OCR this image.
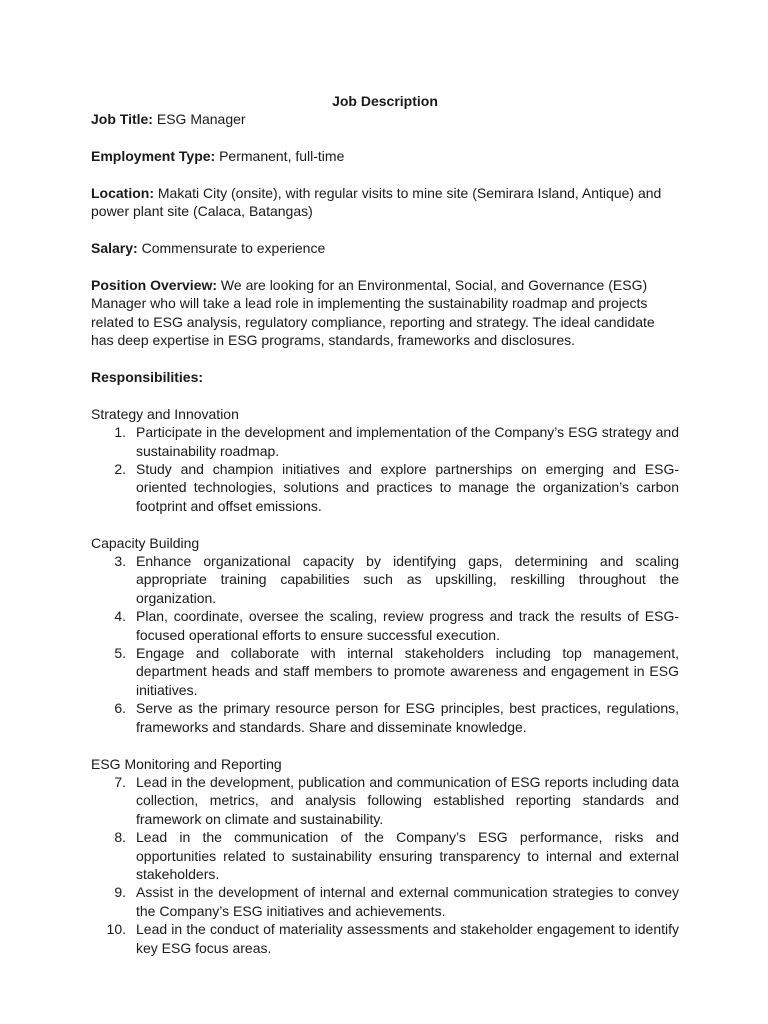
Job Description

Job Title: ESG Manager

Employment Type: Permanent, full-time

Location: Makati City (onsite), with regular visits to mine site (Semirara Island, Antique) and power plant site (Calaca, Batangas)

Salary: Commensurate to experience

Position Overview: We are looking for an Environmental, Social, and Governance (ESG) Manager who will take a lead role in implementing the sustainability roadmap and projects related to ESG analysis, regulatory compliance, reporting and strategy. The ideal candidate has deep expertise in ESG programs, standards, frameworks and disclosures.

Responsibilities:

Strategy and Innovation

1. Participate in the development and implementation of the Company’s ESG strategy and sustainability roadmap.
2. Study and champion initiatives and explore partnerships on emerging and ESG-oriented technologies, solutions and practices to manage the organization’s carbon footprint and offset emissions.

Capacity Building

3. Enhance organizational capacity by identifying gaps, determining and scaling appropriate training capabilities such as upskilling, reskilling throughout the organization.
4. Plan, coordinate, oversee the scaling, review progress and track the results of ESG-focused operational efforts to ensure successful execution.
5. Engage and collaborate with internal stakeholders including top management, department heads and staff members to promote awareness and engagement in ESG initiatives.
6. Serve as the primary resource person for ESG principles, best practices, regulations, frameworks and standards. Share and disseminate knowledge.

ESG Monitoring and Reporting

7. Lead in the development, publication and communication of ESG reports including data collection, metrics, and analysis following established reporting standards and framework on climate and sustainability.
8. Lead in the communication of the Company’s ESG performance, risks and opportunities related to sustainability ensuring transparency to internal and external stakeholders.
9. Assist in the development of internal and external communication strategies to convey the Company’s ESG initiatives and achievements.
10. Lead in the conduct of materiality assessments and stakeholder engagement to identify key ESG focus areas.
